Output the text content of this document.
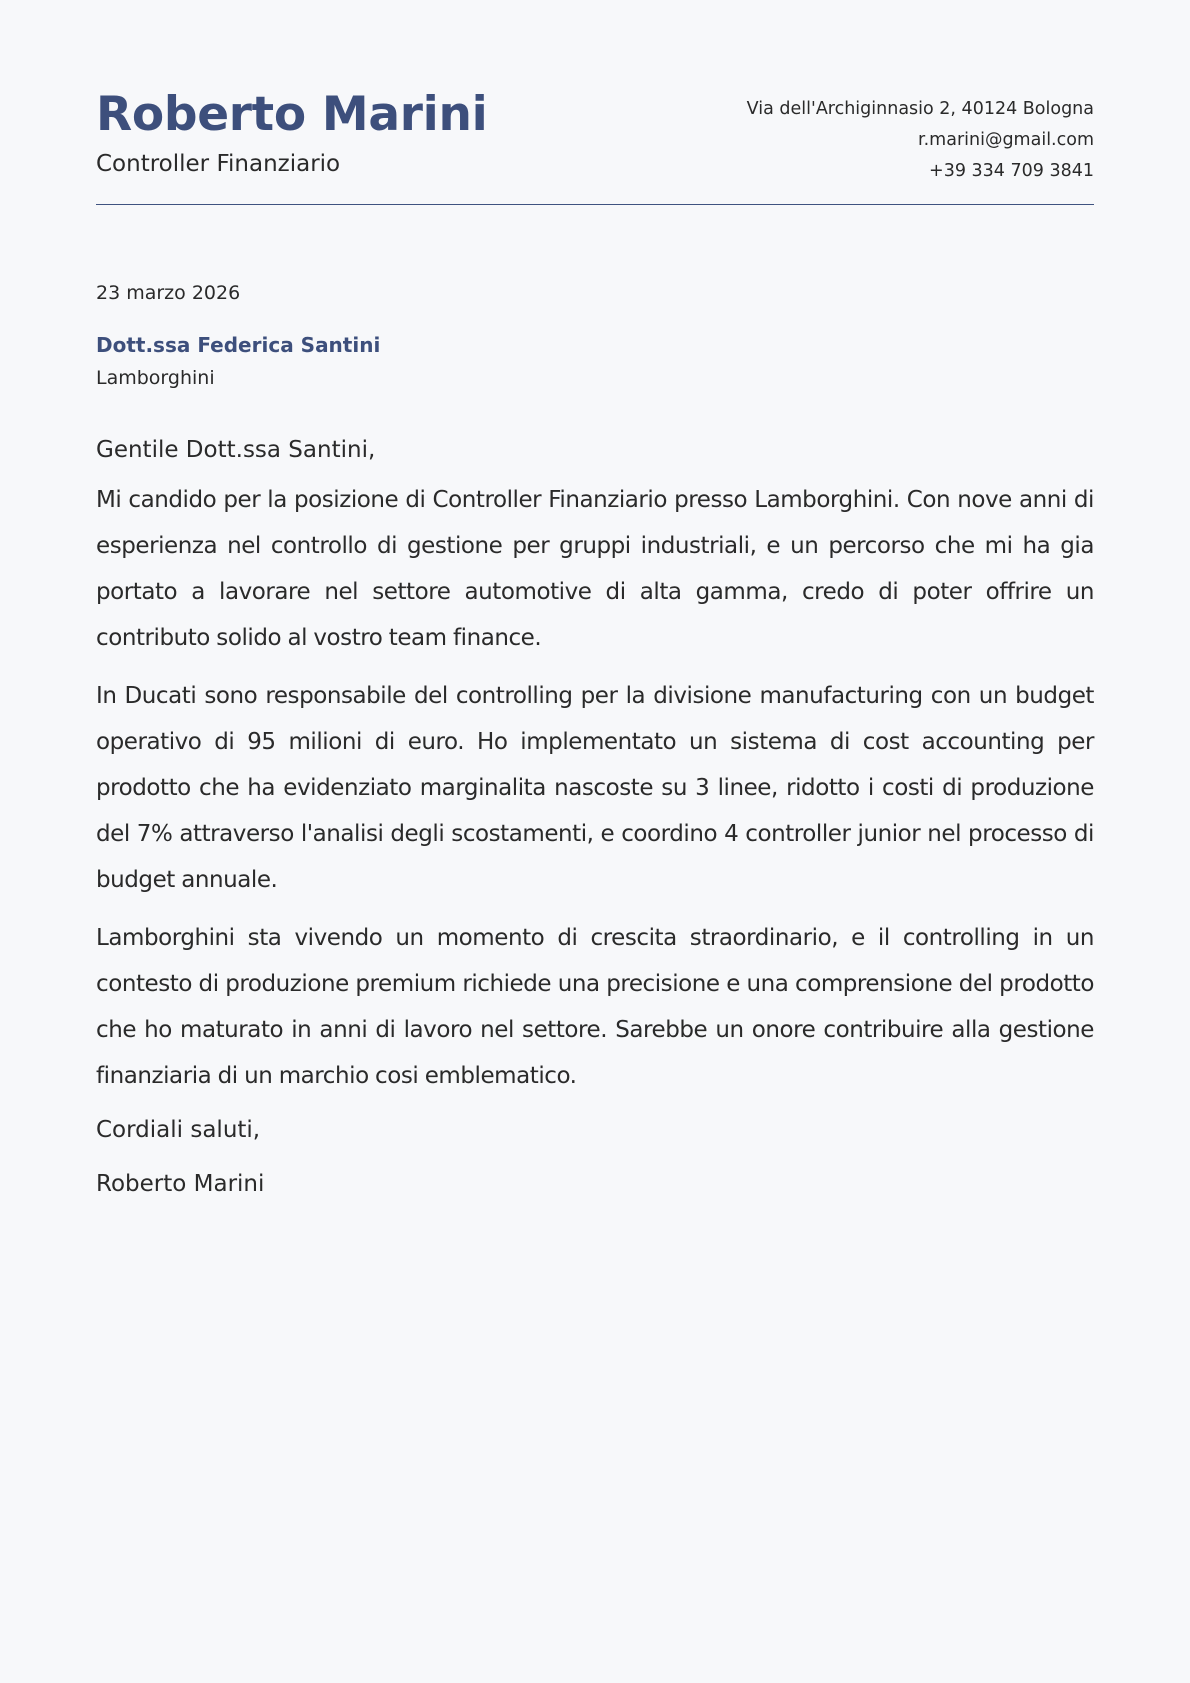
Roberto Marini
Controller Finanziario
Via dell'Archiginnasio 2, 40124 Bologna
r.marini@gmail.com
+39 334 709 3841
23 marzo 2026
Dott.ssa Federica Santini
Lamborghini
Gentile Dott.ssa Santini,

Mi candido per la posizione di Controller Finanziario presso Lamborghini. Con nove anni di esperienza nel controllo di gestione per gruppi industriali, e un percorso che mi ha gia portato a lavorare nel settore automotive di alta gamma, credo di poter offrire un contributo solido al vostro team finance.

In Ducati sono responsabile del controlling per la divisione manufacturing con un budget operativo di 95 milioni di euro. Ho implementato un sistema di cost accounting per prodotto che ha evidenziato marginalita nascoste su 3 linee, ridotto i costi di produzione del 7% attraverso l'analisi degli scostamenti, e coordino 4 controller junior nel processo di budget annuale.

Lamborghini sta vivendo un momento di crescita straordinario, e il controlling in un contesto di produzione premium richiede una precisione e una comprensione del prodotto che ho maturato in anni di lavoro nel settore. Sarebbe un onore contribuire alla gestione finanziaria di un marchio cosi emblematico.

Cordiali saluti,
Roberto Marini
